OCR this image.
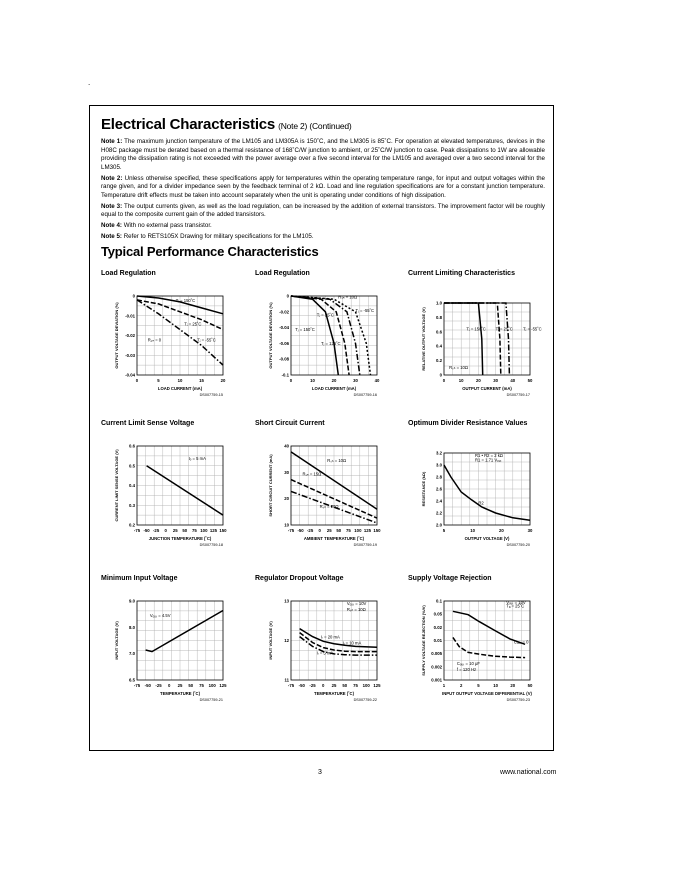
.
Electrical Characteristics (Note 2) (Continued)

Note 1: The maximum junction temperature of the LM105 and LM305A is 150˚C, and the LM305 is 85˚C. For operation at elevated temperatures, devices in the H08C package must be derated based on a thermal resistance of 168˚C/W junction to ambient, or 25˚C/W junction to case. Peak dissipations to 1W are allowable providing the dissipation rating is not exceeded with the power average over a five second interval for the LM105 and averaged over a two second interval for the LM305.

Note 2: Unless otherwise specified, these specifications apply for temperatures within the operating temperature range, for input and output voltages within the range given, and for a divider impedance seen by the feedback terminal of 2 kΩ. Load and line regulation specifications are for a constant junction temperature. Temperature drift effects must be taken into account separately when the unit is operating under conditions of high dissipation.

Note 3: The output currents given, as well as the load regulation, can be increased by the addition of external transistors. The improvement factor will be roughly equal to the composite current gain of the added transistors.

Note 4: With no external pass transistor.

Note 5: Refer to RETS105X Drawing for military specifications for the LM105.

Typical Performance Characteristics
Load Regulation
0	5	10	15	20
0
-0.01
-0.02
-0.03
-0.04
LOAD CURRENT (mA)
OUTPUT VOLTAGE DEVIATION (%)
DS007759-15
Tⱼ = 150˚C
Tⱼ = 25˚C
Rₛₕ = 0	Tⱼ = -55˚C
Load Regulation
0	10	20	30	40
0
-0.02
-0.04
-0.06
-0.08
-0.1
LOAD CURRENT (mA)
OUTPUT VOLTAGE DEVIATION (%)
DS007759-16
Rₛₕ = 10Ω
Tⱼ = -55˚C
Tⱼ = 25˚C
Tⱼ = 150˚C
Tⱼ = 125˚C
Current Limiting Characteristics
0	10	20	30	40	50
0
0.2
0.4
0.6
0.8
1.0
OUTPUT CURRENT (mA)
RELATIVE OUTPUT VOLTAGE (V)
DS007759-17
Rₛₕ = 10Ω
Tⱼ = 150˚C Tⱼ = 25˚C Tⱼ = -55˚C
Current Limit Sense Voltage
-75 -50 -25 0 25 50 75 100 125 150
0.2
0.3
0.4
0.5
0.6
JUNCTION TEMPERATURE (˚C)
CURRENT LIMIT SENSE VOLTAGE (V)
DS007759-18
Iₒ = 5 mA
Short Circuit Current
-75 -50 -25 0 25 50 75 100 125 150
10
20
30
40
AMBIENT TEMPERATURE (˚C)
SHORT CIRCUIT CURRENT (mA)
DS007759-19
Rₛₕ = 10Ω
Rₛₕ = 15Ω
Rₛₕ = 20Ω
Optimum Divider Resistance Values
5	10	20	30
2.0
2.2
2.4
2.6
2.8
3.0
3.2
OUTPUT VOLTAGE (V)
RESISTANCE (kΩ)
DS007759-20
R1 • R2 = 2 kΩ
R1 = 1.71 Vₒᵤₜ
R2
Minimum Input Voltage
-75 -50 -25 0 25 50 75 100 125
6.5
7.0
8.0
9.0
TEMPERATURE (˚C)
INPUT VOLTAGE (V)
DS007759-21
Vₒᵤₜ = 4.5V
Regulator Dropout Voltage
-75 -50 -25 0 25 50 75 100 125
11
12
13
TEMPERATURE (˚C)
INPUT VOLTAGE (V)
DS007759-22
Vₒᵤₜ = 10V
Rₛₕ = 10Ω
Iₗ = 20 mA
Iₗ = 10 mA
Iₗ = 5 mA
Supply Voltage Rejection
1	2	5	10	20	50
0.001
0.002
0.005
0.01
0.02
0.05
0.1
INPUT OUTPUT VOLTAGE DIFFERENTIAL (V)
SUPPLY VOLTAGE REJECTION (%/V)
DS007759-23
Vₒᵤₜ = 10V
Tₐ = 25˚C
Cₒᵤₜ = 0
Cₒᵤₜ = 10 μF
f = 120 Hz
3	www.national.com
